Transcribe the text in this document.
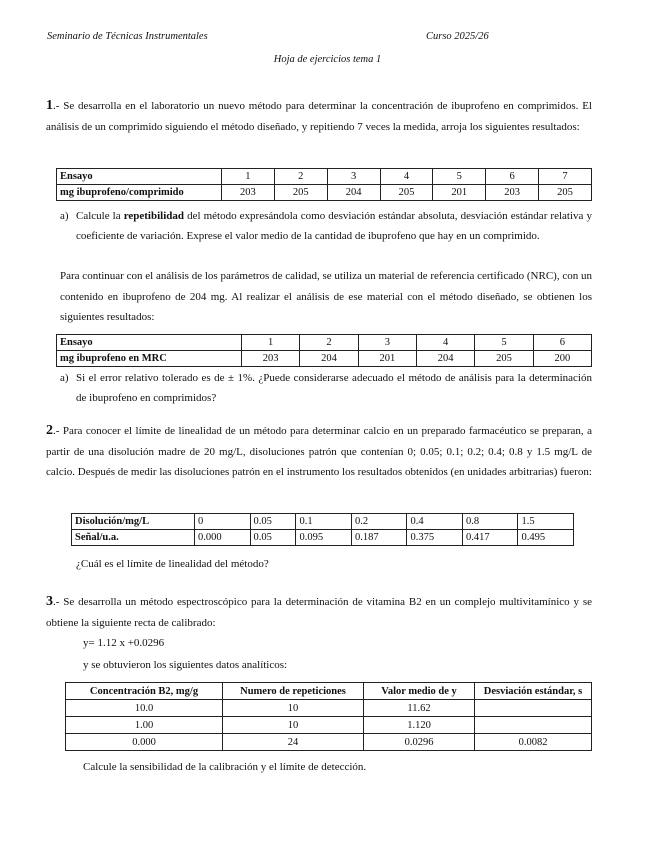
Seminario de Técnicas Instrumentales	Curso 2025/26
Hoja de ejercicios tema 1
1.- Se desarrolla en el laboratorio un nuevo método para determinar la concentración de ibuprofeno en comprimidos. El análisis de un comprimido siguiendo el método diseñado, y repitiendo 7 veces la medida, arroja los siguientes resultados:
Ensayo	1	2	3	4	5	6	7
mg ibuprofeno/comprimido	203	205	204	205	201	203	205
a) Calcule la repetibilidad del método expresándola como desviación estándar absoluta, desviación estándar relativa y coeficiente de variación. Exprese el valor medio de la cantidad de ibuprofeno que hay en un comprimido.
Para continuar con el análisis de los parámetros de calidad, se utiliza un material de referencia certificado (NRC), con un contenido en ibuprofeno de 204 mg. Al realizar el análisis de ese material con el método diseñado, se obtienen los siguientes resultados:
Ensayo	1	2	3	4	5	6
mg ibuprofeno en MRC	203	204	201	204	205	200
a) Si el error relativo tolerado es de ± 1%. ¿Puede considerarse adecuado el método de análisis para la determinación de ibuprofeno en comprimidos?
2.- Para conocer el límite de linealidad de un método para determinar calcio en un preparado farmacéutico se preparan, a partir de una disolución madre de 20 mg/L, disoluciones patrón que contenían 0; 0.05; 0.1; 0.2; 0.4; 0.8 y 1.5 mg/L de calcio. Después de medir las disoluciones patrón en el instrumento los resultados obtenidos (en unidades arbitrarias) fueron:
Disolución/mg/L	0	0.05	0.1	0.2	0.4	0.8	1.5
Señal/u.a.	0.000	0.05	0.095	0.187	0.375	0.417	0.495
¿Cuál es el límite de linealidad del método?
3.- Se desarrolla un método espectroscópico para la determinación de vitamina B2 en un complejo multivitamínico y se obtiene la siguiente recta de calibrado:
y= 1.12 x +0.0296
y se obtuvieron los siguientes datos analíticos:
Concentración B2, mg/g	Numero de repeticiones	Valor medio de y	Desviación estándar, s
10.0	10	11.62	
1.00	10	1.120	
0.000	24	0.0296	0.0082
Calcule la sensibilidad de la calibración y el límite de detección.
